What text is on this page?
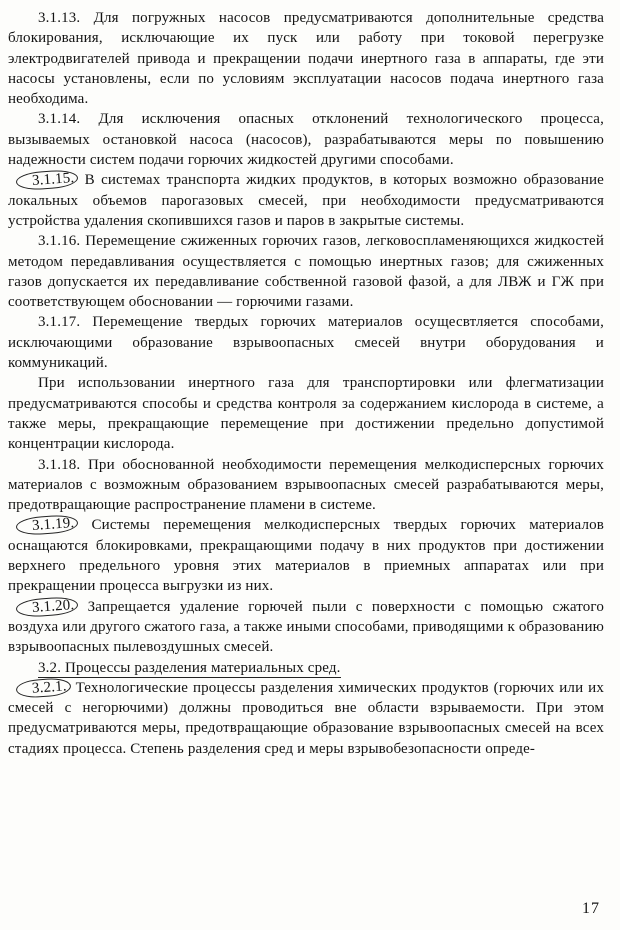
3.1.13. Для погружных насосов предусматриваются дополнительные средства блокирования, исключающие их пуск или работу при токовой перегрузке электродвигателей привода и прекращении подачи инертного газа в аппараты, где эти насосы установлены, если по условиям эксплуатации насосов подача инертного газа необходима.

3.1.14. Для исключения опасных отклонений технологического процесса, вызываемых остановкой насоса (насосов), разрабатываются меры по повышению надежности систем подачи горючих жидкостей другими способами.

3.1.15. В системах транспорта жидких продуктов, в которых возможно образование локальных объемов парогазовых смесей, при необходимости предусматриваются устройства удаления скопившихся газов и паров в закрытые системы.

3.1.16. Перемещение сжиженных горючих газов, легковоспламеняющихся жидкостей методом передавливания осуществляется с помощью инертных газов; для сжиженных газов допускается их передавливание собственной газовой фазой, а для ЛВЖ и ГЖ при соответствующем обосновании — горючими газами.

3.1.17. Перемещение твердых горючих материалов осущесвтляется способами, исключающими образование взрывоопасных смесей внутри оборудования и коммуникаций.

При использовании инертного газа для транспортировки или флегматизации предусматриваются способы и средства контроля за содержанием кислорода в системе, а также меры, прекращающие перемещение при достижении предельно допустимой концентрации кислорода.

3.1.18. При обоснованной необходимости перемещения мелкодисперсных горючих материалов с возможным образованием взрывоопасных смесей разрабатываются меры, предотвращающие распространение пламени в системе.

3.1.19. Системы перемещения мелкодисперсных твердых горючих материалов оснащаются блокировками, прекращающими подачу в них продуктов при достижении верхнего предельного уровня этих материалов в приемных аппаратах или при прекращении процесса выгрузки из них.

3.1.20. Запрещается удаление горючей пыли с поверхности с помощью сжатого воздуха или другого сжатого газа, а также иными способами, приводящими к образованию взрывоопасных пылевоздушных смесей.

3.2. Процессы разделения материальных сред.

3.2.1. Технологические процессы разделения химических продуктов (горючих или их смесей с негорючими) должны проводиться вне области взрываемости. При этом предусматриваются меры, предотвращающие образование взрывоопасных смесей на всех стадиях процесса. Степень разделения сред и меры взрывобезопасности опреде-

17
